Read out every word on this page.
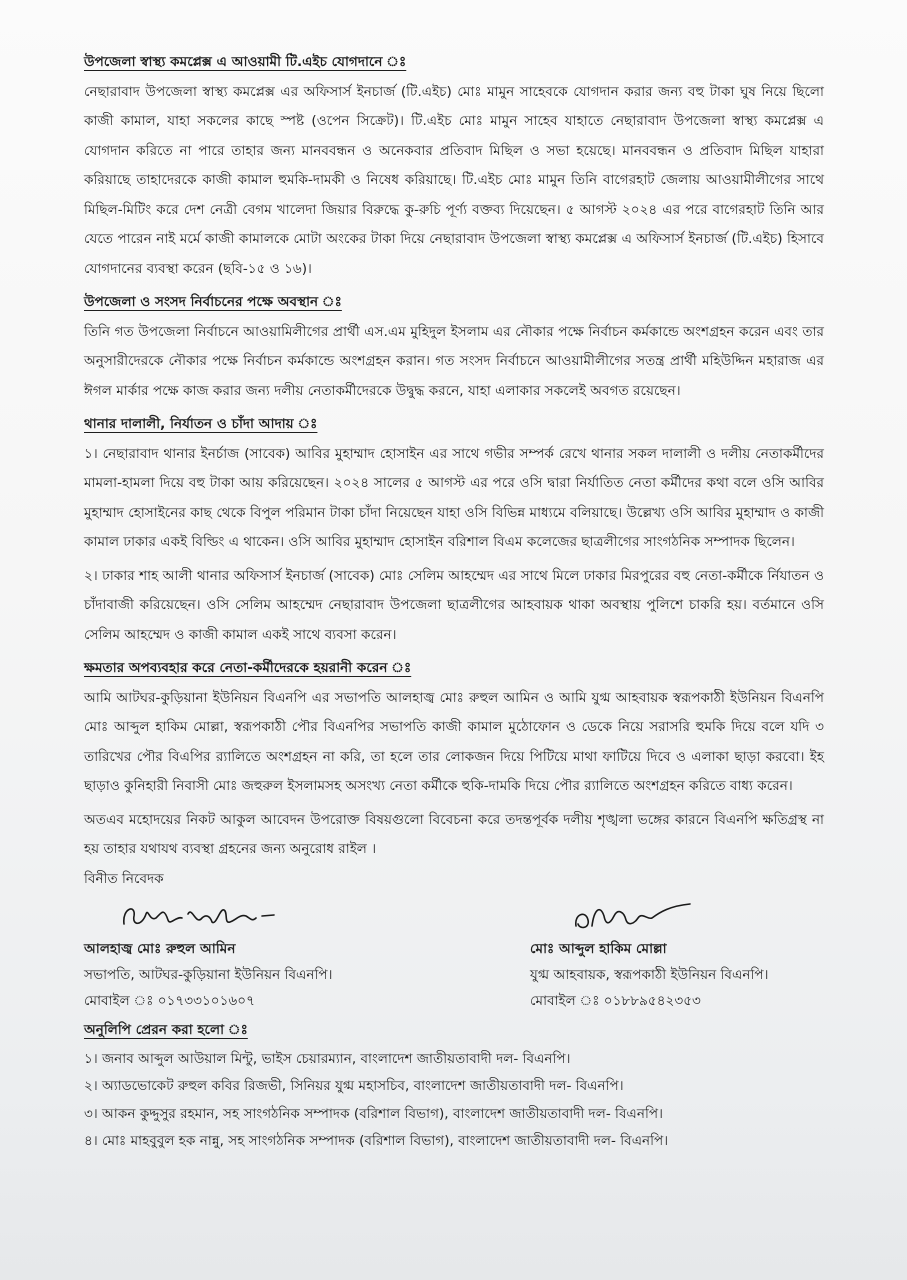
উপজেলা স্বাস্থ্য কমপ্লেক্স এ আওয়ামী টি.এইচ যোগদানে ঃ

নেছারাবাদ উপজেলা স্বাস্থ্য কমপ্লেক্স এর অফিসার্স ইনচার্জ (টি.এইচ) মোঃ মামুন সাহেবকে যোগদান করার জন্য বহু টাকা ঘুষ নিয়ে ছিলো কাজী কামাল, যাহা সকলের কাছে স্পষ্ট (ওপেন সিক্রেট)। টি.এইচ মোঃ মামুন সাহেব যাহাতে নেছারাবাদ উপজেলা স্বাস্থ্য কমপ্লেক্স এ যোগদান করিতে না পারে তাহার জন্য মানববন্ধন ও অনেকবার প্রতিবাদ মিছিল ও সভা হয়েছে। মানববন্ধন ও প্রতিবাদ মিছিল যাহারা করিয়াছে তাহাদেরকে কাজী কামাল হুমকি-দামকী ও নিষেধ করিয়াছে। টি.এইচ মোঃ মামুন তিনি বাগেরহাট জেলায় আওয়ামীলীগের সাথে মিছিল-মিটিং করে দেশ নেত্রী বেগম খালেদা জিয়ার বিরুদ্ধে কু-রুচি পূর্ণ্য বক্তব্য দিয়েছেন। ৫ আগস্ট ২০২৪ এর পরে বাগেরহাট তিনি আর যেতে পারেন নাই মর্মে কাজী কামালকে মোটা অংকের টাকা দিয়ে নেছারাবাদ উপজেলা স্বাস্থ্য কমপ্লেক্স এ অফিসার্স ইনচার্জ (টি.এইচ) হিসাবে যোগদানের ব্যবস্থা করেন (ছবি-১৫ ও ১৬)।

উপজেলা ও সংসদ নির্বাচনের পক্ষে অবস্থান ঃ

তিনি গত উপজেলা নির্বাচনে আওয়ামিলীগের প্রার্থী এস.এম মুহিদুল ইসলাম এর নৌকার পক্ষে নির্বাচন কর্মকান্ডে অংশগ্রহন করেন এবং তার অনুসারীদেরকে নৌকার পক্ষে নির্বাচন কর্মকান্ডে অংশগ্রহন করান। গত সংসদ নির্বাচনে আওয়ামীলীগের সতন্ত্র প্রার্থী মহিউদ্দিন মহারাজ এর ঈগল মার্কার পক্ষে কাজ করার জন্য দলীয় নেতাকর্মীদেরকে উদ্বুদ্ধ করনে, যাহা এলাকার সকলেই অবগত রয়েছেন।

থানার দালালী, নির্যাতন ও চাঁদা আদায় ঃ

১। নেছারাবাদ থানার ইনর্চাজ (সাবেক) আবির মুহাম্মাদ হোসাইন এর সাথে গভীর সম্পর্ক রেখে থানার সকল দালালী ও দলীয় নেতাকর্মীদের মামলা-হামলা দিয়ে বহু টাকা আয় করিয়েছেন। ২০২৪ সালের ৫ আগস্ট এর পরে ওসি দ্বারা নির্যাতিত নেতা কর্মীদের কথা বলে ওসি আবির মুহাম্মাদ হোসাইনের কাছ থেকে বিপুল পরিমান টাকা চাঁদা নিয়েছেন যাহা ওসি বিভিন্ন মাধ্যমে বলিয়াছে। উল্লেখ্য ওসি আবির মুহাম্মাদ ও কাজী কামাল ঢাকার একই বিল্ডিং এ থাকেন। ওসি আবির মুহাম্মাদ হোসাইন বরিশাল বিএম কলেজের ছাত্রলীগের সাংগঠনিক সম্পাদক ছিলেন।

২। ঢাকার শাহ আলী থানার অফিসার্স ইনচার্জ (সাবেক) মোঃ সেলিম আহম্মেদ এর সাথে মিলে ঢাকার মিরপুরের বহু নেতা-কর্মীকে র্নিযাতন ও চাঁদাবাজী করিয়েছেন। ওসি সেলিম আহম্মেদ নেছারাবাদ উপজেলা ছাত্রলীগের আহবায়ক থাকা অবস্থায় পুলিশে চাকরি হয়। বর্তমানে ওসি সেলিম আহম্মেদ ও কাজী কামাল একই সাথে ব্যবসা করেন।

ক্ষমতার অপব্যবহার করে নেতা-কর্মীদেরকে হয়রানী করেন ঃ

আমি আটঘর-কুড়িয়ানা ইউনিয়ন বিএনপি এর সভাপতি আলহাজ্ব মোঃ রুহুল আমিন ও আমি যুগ্ম আহবায়ক স্বরূপকাঠী ইউনিয়ন বিএনপি মোঃ আব্দুল হাকিম মোল্লা, স্বরূপকাঠী পৌর বিএনপির সভাপতি কাজী কামাল মুঠোফোন ও ডেকে নিয়ে সরাসরি হুমকি দিয়ে বলে যদি ৩ তারিখের পৌর বিএপির র‌্যালিতে অংশগ্রহন না করি, তা হলে তার লোকজন দিয়ে পিটিয়ে মাথা ফাটিয়ে দিবে ও এলাকা ছাড়া করবো। ইহ ছাড়াও কুনিহারী নিবাসী মোঃ জহুরুল ইসলামসহ অসংখ্য নেতা কর্মীকে হুকি-দামকি দিয়ে পৌর র‌্যালিতে অংশগ্রহন করিতে বাধ্য করেন।

অতএব মহোদয়ের নিকট আকুল আবেদন উপরোক্ত বিষয়গুলো বিবেচনা করে তদন্তপূর্বক দলীয় শৃঙ্খলা ভঙ্গের কারনে বিএনপি ক্ষতিগ্রস্থ না হয় তাহার যথাযথ ব্যবস্থা গ্রহনের জন্য অনুরোধ রাইল ।

বিনীত নিবেদক
আলহাজ্ব মোঃ রুহুল আমিন
সভাপতি, আটঘর-কুড়িয়ানা ইউনিয়ন বিএনপি।
মোবাইল ঃ ০১৭৩৩১০১৬০৭
মোঃ আব্দুল হাকিম মোল্লা
যুগ্ম আহবায়ক, স্বরূপকাঠী ইউনিয়ন বিএনপি।
মোবাইল ঃ ০১৮৮৯৫৪২৩৫৩
অনুলিপি প্রেরন করা হলো ঃ

১। জনাব আব্দুল আউয়াল মিন্টু, ভাইস চেয়ারম্যান, বাংলাদেশ জাতীয়তাবাদী দল- বিএনপি।

২। অ্যাডভোকেট রুহুল কবির রিজভী, সিনিয়র যুগ্ম মহাসচিব, বাংলাদেশ জাতীয়তাবাদী দল- বিএনপি।

৩। আকন কুদ্দুসুর রহমান, সহ সাংগঠনিক সম্পাদক (বরিশাল বিভাগ), বাংলাদেশ জাতীয়তাবাদী দল- বিএনপি।

৪। মোঃ মাহবুবুল হক নান্নু, সহ সাংগঠনিক সম্পাদক (বরিশাল বিভাগ), বাংলাদেশ জাতীয়তাবাদী দল- বিএনপি।
